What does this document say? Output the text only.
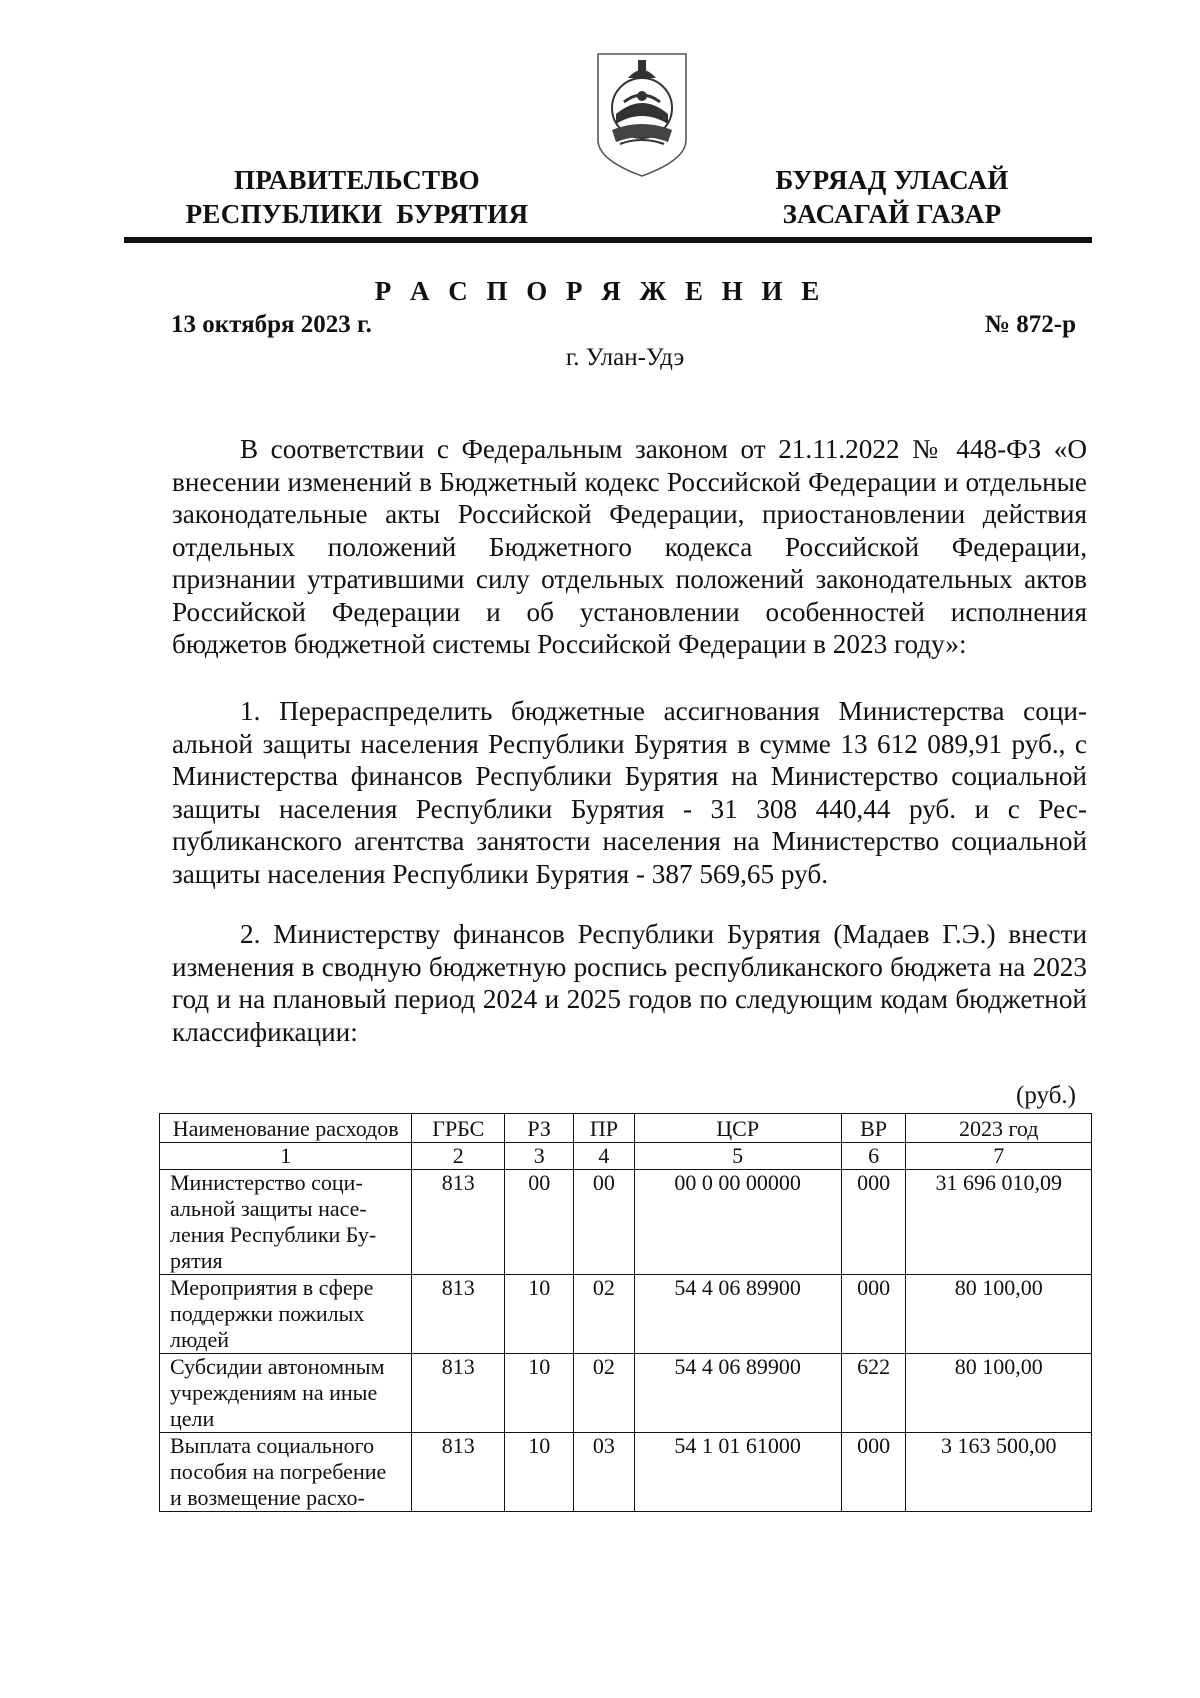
ПРАВИТЕЛЬСТВО
РЕСПУБЛИКИ  БУРЯТИЯ
БУРЯАД УЛАСАЙ
ЗАСАГАЙ ГАЗАР
Р А С П О Р Я Ж Е Н И Е
13 октября 2023 г.	№ 872-р
г. Улан-Удэ

В соответствии с Федеральным законом от 21.11.2022 № 448-ФЗ «О внесении изменений в Бюджетный кодекс Российской Федерации и отдельные законодательные акты Российской Федерации, приостановлении действия отдельных положений Бюджетного кодекса Российской Федерации, признании утратившими силу отдельных положений законодательных актов Российской Федерации и об установлении особенностей исполнения бюджетов бюджетной системы Российской Федерации в 2023 году»:

1. Перераспределить бюджетные ассигнования Министерства социальной защиты населения Республики Бурятия в сумме 13 612 089,91 руб., с Министерства финансов Республики Бурятия на Министерство социальной защиты населения Республики Бурятия - 31 308 440,44 руб. и с Республиканского агентства занятости населения на Министерство социальной защиты населения Республики Бурятия - 387 569,65 руб.

2. Министерству финансов Республики Бурятия (Мадаев Г.Э.) внести изменения в сводную бюджетную роспись республиканского бюджета на 2023 год и на плановый период 2024 и 2025 годов по следующим кодам бюджетной классификации:

(руб.)
Наименование расходов	ГРБС	РЗ	ПР	ЦСР	ВР	2023 год
1	2	3	4	5	6	7
Министерство социальной защиты населения Республики Бурятия	813	00	00	00 0 00 00000	000	31 696 010,09
Мероприятия в сфере поддержки пожилых людей	813	10	02	54 4 06 89900	000	80 100,00
Субсидии автономным учреждениям на иные цели	813	10	02	54 4 06 89900	622	80 100,00
Выплата социального пособия на погребение и возмещение расхо-	813	10	03	54 1 01 61000	000	3 163 500,00
